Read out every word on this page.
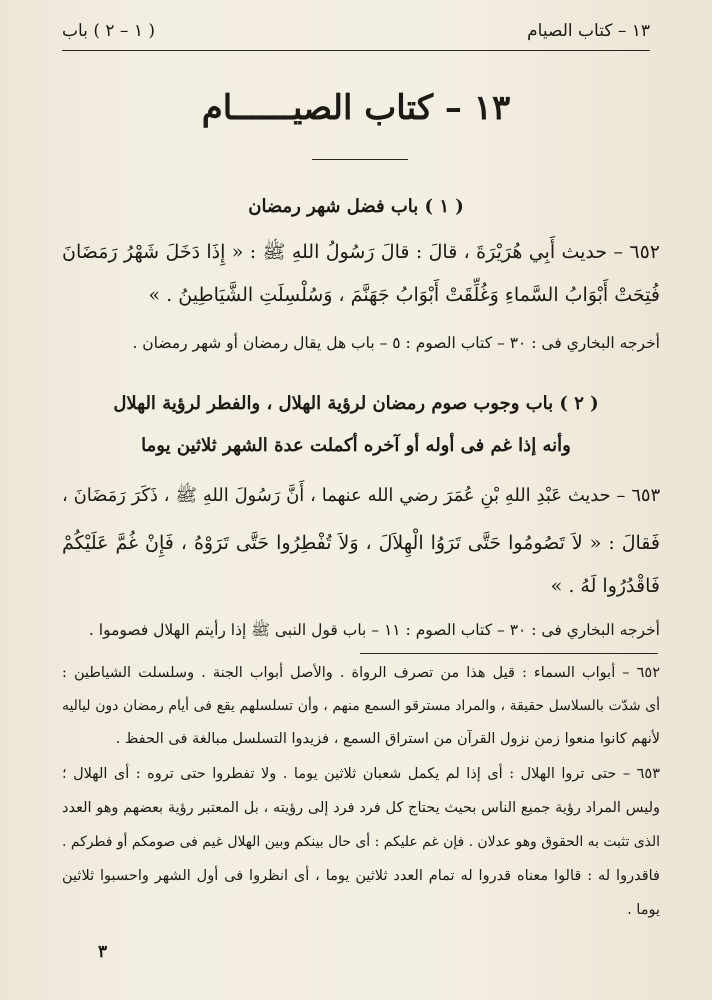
١٣ – كتاب الصيام
( ١ – ٢ ) باب
١٣ – كتاب الصيــــــام
( ١ ) باب فضل شهر رمضان
٦٥٢ – حديث أَبِي هُرَيْرَةَ ، قالَ : قالَ رَسُولُ اللهِ ﷺ : « إِذَا دَخَلَ شَهْرُ رَمَضَانَ
فُتِحَتْ أَبْوَابُ السَّماءِ وَغُلِّقَتْ أَبْوَابُ جَهَنَّمَ ، وَسُلْسِلَتِ الشَّيَاطِينُ . »
أخرجه البخاري فى : ٣٠ – كتاب الصوم : ٥ – باب هل يقال رمضان أو شهر رمضان .
( ٢ ) باب وجوب صوم رمضان لرؤية الهلال ، والفطر لرؤية الهلال
وأنه إذا غم فى أوله أو آخره أكملت عدة الشهر ثلاثين يوما
٦٥٣ – حديث عَبْدِ اللهِ بْنِ عُمَرَ رضي الله عنهما ، أَنَّ رَسُولَ اللهِ ﷺ ، ذَكَرَ رَمَضَانَ ،
فَقالَ : « لاَ تَصُومُوا حَتَّى تَرَوُا الْهِلاَلَ ، وَلاَ تُفْطِرُوا حَتَّى تَرَوْهُ ، فَإِنْ غُمَّ عَلَيْكُمْ
فَاقْدُرُوا لَهُ . »
أخرجه البخاري فى : ٣٠ – كتاب الصوم : ١١ – باب قول النبى ﷺ إذا رأيتم الهلال فصوموا .
٦٥٢ – أبواب السماء : قيل هذا من تصرف الرواة . والأصل أبواب الجنة . وسلسلت الشياطين :
أى شدّت بالسلاسل حقيقة ، والمراد مسترقو السمع منهم ، وأن تسلسلهم يقع فى أيام رمضان دون لياليه
لأنهم كانوا منعوا زمن نزول القرآن من استراق السمع ، فزيدوا التسلسل مبالغة فى الحفظ .
٦٥٣ – حتى تروا الهلال : أى إذا لم يكمل شعبان ثلاثين يوما . ولا تفطروا حتى تروه : أى الهلال ؛
وليس المراد رؤية جميع الناس بحيث يحتاج كل فرد فرد إلى رؤيته ، بل المعتبر رؤية بعضهم وهو العدد
الذى تثبت به الحقوق وهو عدلان . فإن غم عليكم : أى حال بينكم وبين الهلال غيم فى صومكم أو فطركم .
فاقدروا له : قالوا معناه قدروا له تمام العدد ثلاثين يوما ، أى انظروا فى أول الشهر واحسبوا ثلاثين
يوما .
٣
